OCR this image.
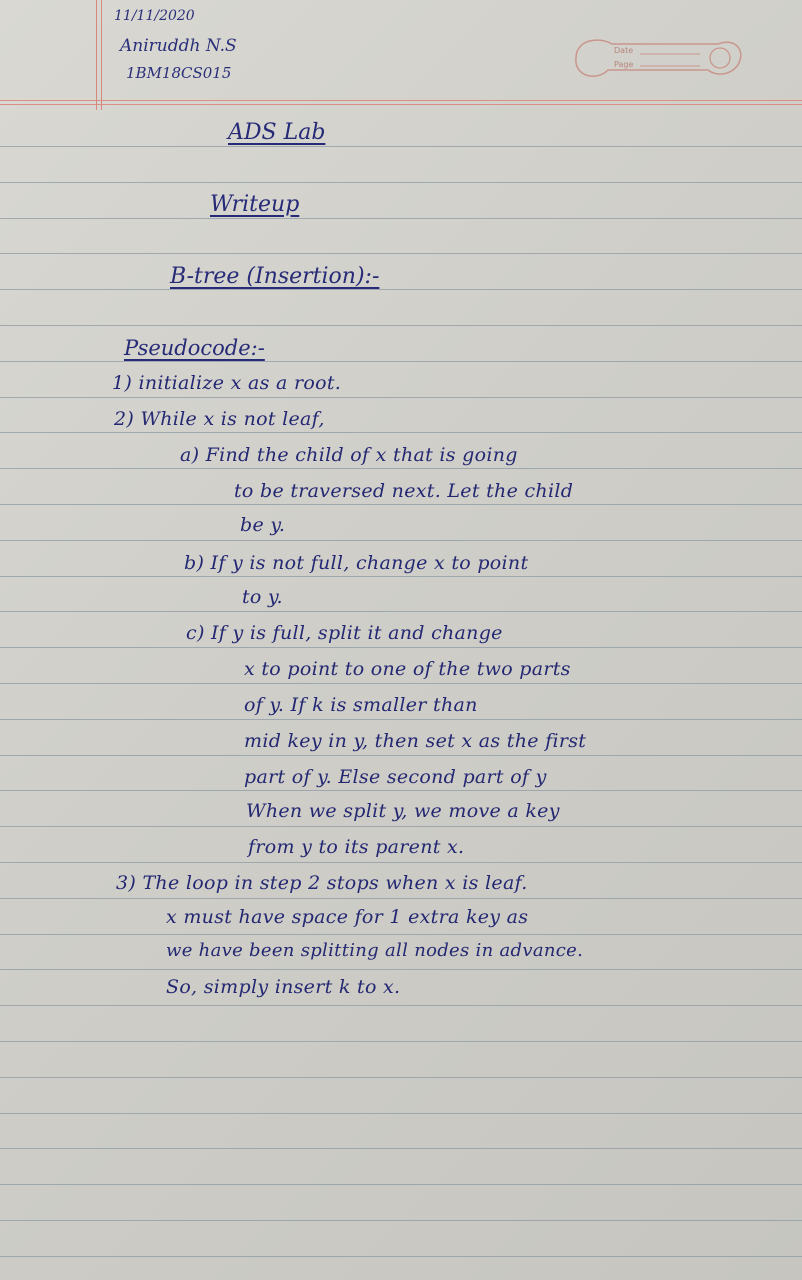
11/11/2020
Aniruddh N.S
1BM18CS015
Date
Page
ADS Lab
Writeup
B-tree (Insertion):-
Pseudocode:-
1) initialize x as a root.
2) While x is not leaf,
a) Find the child of x that is going
to be traversed next. Let the child
be y.
b) If y is not full, change x to point
to y.
c) If y is full, split it and change
x to point to one of the two parts
of y. If k is smaller than
mid key in y, then set x as the first
part of y. Else second part of y
When we split y, we move a key
from y to its parent x.
3) The loop in step 2 stops when x is leaf.
x must have space for 1 extra key as
we have been splitting all nodes in advance.
So, simply insert k to x.
